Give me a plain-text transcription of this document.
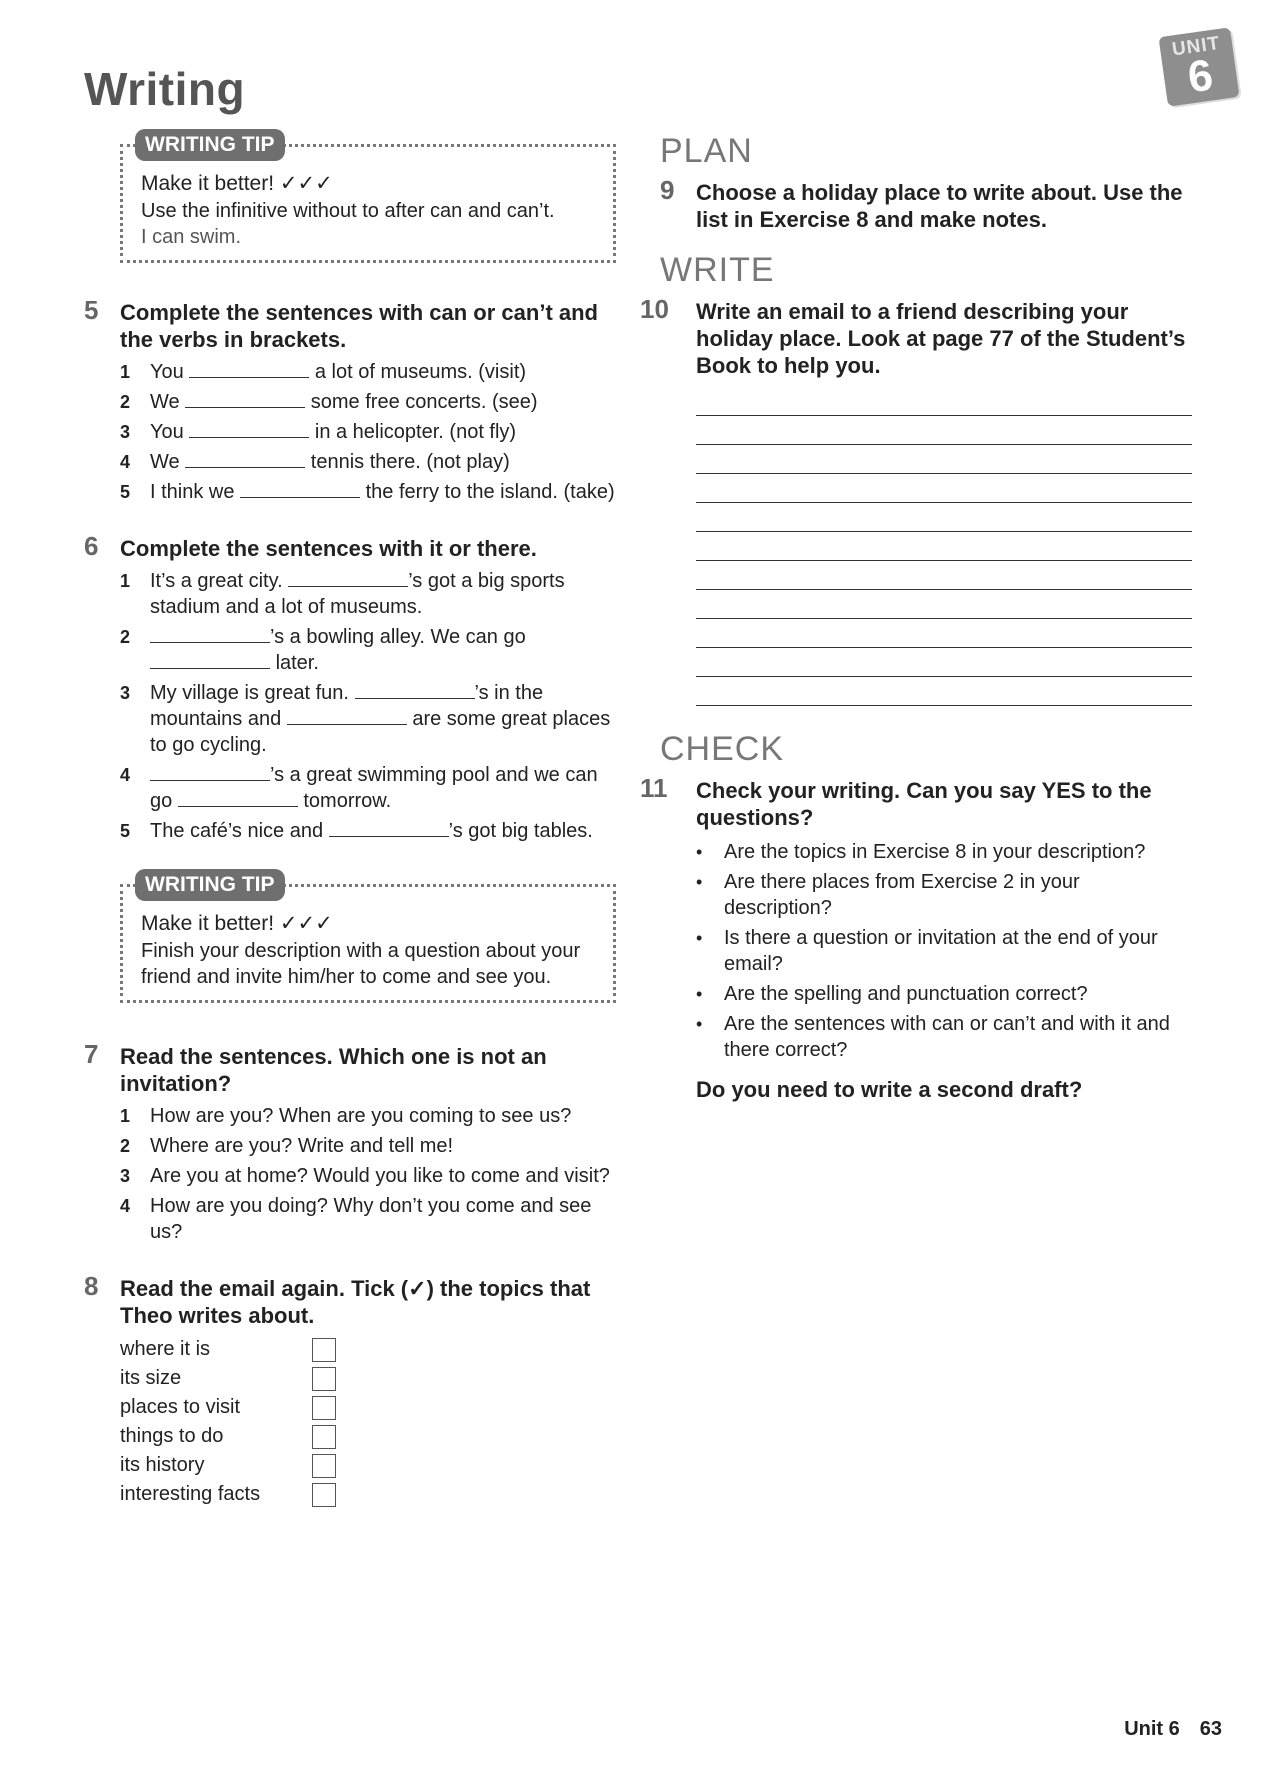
Writing
UNIT
6
WRITING TIP
Make it better! ✓✓✓
Use the infinitive without to after can and can’t.
I can swim.
5 Complete the sentences with can or can’t and the verbs in brackets.
1 You	a lot of museums. (visit)
2 We	some free concerts. (see)
3 You	in a helicopter. (not fly)
4 We	tennis there. (not play)
5 I think we	the ferry to the island. (take)
6 Complete the sentences with it or there.
1 It’s a great city.	’s got a big sports stadium and a lot of museums.
2	’s a bowling alley. We can go  later.
3 My village is great fun.	’s in the mountains and	are some great places to go cycling.
4	’s a great swimming pool and we can go	tomorrow.
5 The café’s nice and	’s got big tables.
WRITING TIP
Make it better! ✓✓✓
Finish your description with a question about your friend and invite him/her to come and see you.
7 Read the sentences. Which one is not an invitation?
1 How are you? When are you coming to see us?
2 Where are you? Write and tell me!
3 Are you at home? Would you like to come and visit?
4 How are you doing? Why don’t you come and see us?
8 Read the email again. Tick (✓) the topics that Theo writes about.
where it is
its size
places to visit
things to do
its history
interesting facts
PLAN
9 Choose a holiday place to write about. Use the list in Exercise 8 and make notes.
WRITE
10 Write an email to a friend describing your holiday place. Look at page 77 of the Student’s Book to help you.
CHECK
11 Check your writing. Can you say YES to the questions?
•	Are the topics in Exercise 8 in your description?
•	Are there places from Exercise 2 in your description?
•	Is there a question or invitation at the end of your email?
•	Are the spelling and punctuation correct?
•	Are the sentences with can or can’t and with it and there correct?
Do you need to write a second draft?
Unit 6 63
